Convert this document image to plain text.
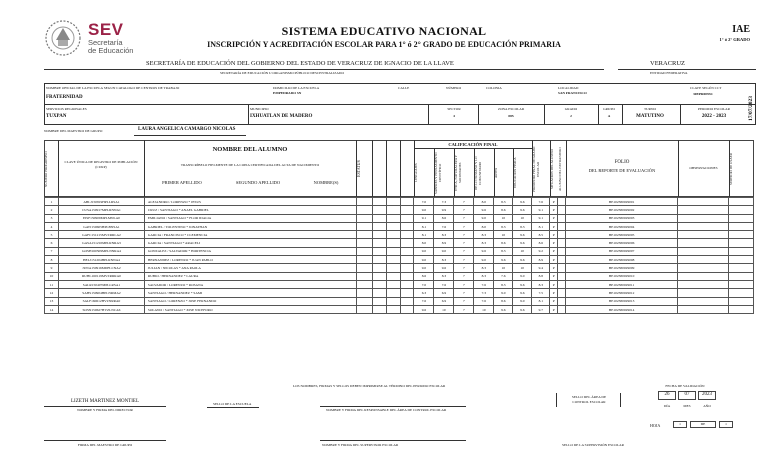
SEV
Secretaría
de Educación
SISTEMA EDUCATIVO NACIONAL
INSCRIPCIÓN Y ACREDITACIÓN ESCOLAR PARA 1° ó 2° GRADO DE EDUCACIÓN PRIMARIA
IAE
1° ó 2° GRADO
SECRETARÍA DE EDUCACIÓN DEL GOBIERNO DEL ESTADO DE VERACRUZ DE IGNACIO DE LA LLAVE
SECRETARÍA DE EDUCACIÓN U ORGANISMO PÚBLICO DESCENTRALIZADO
VERACRUZ
ENTIDAD FEDERATIVA
NOMBRE OFICIAL DE LA ESCUELA SEGUN CATALOGO DE CENTROS DE TRABAJO
FRATERNIDAD
DOMICILIO DE LA ESCUELA
EMPEDRADO SN
CALLE	NÚMERO	COLONIA	LOCALIDAD
SAN FRANCISCO
CLAVE SEGÚN CCT
30EPR0093C
SERVICIOS REGIONALES
TUXPAN
MUNICIPIO
IXHUATLAN DE MADERO
SECTOR
4
ZONA ESCOLAR
085
GRADO
2
GRUPO
A
TURNO
MATUTINO
PERIODO ESCOLAR
2022 - 2023	17/07/2023
NOMBRE DEL MAESTRO DE GRUPO	LAURA ANGELICA CAMARGO NICOLAS
NÚMERO PROGRESIVO	CLAVE ÚNICA DE REGISTRO DE POBLACIÓN (CURP)
NOMBRE DEL ALUMNO
TRANSCRÍBELO FIELMENTE DE LA COPIA CERTIFICADA DEL ACTA DE NACIMIENTO
PRIMER APELLIDO	SEGUNDO APELLIDO	NOMBRE(S)
ESTATUS
CALIFICACIÓN FINAL
LENGUAJES	SABERES Y PENSAMIENTO CIENTÍFICO	ÉTICA, NATURALEZA Y SOCIEDADES	DE LO HUMANO Y LO COMUNITARIO	ARTES	EDUCACIÓN FÍSICA	PROMEDIO FINAL DE GRADO ESCOLAR	SITUACIÓN DEL ALUMNO	ALUMNO DEL EXTRANJERO	FOLIO
DEL REPORTE DE EVALUACIÓN	OBSERVACIONES	SERVICIO DE USAER
1	ABLJ150819HPLLRSA1	ALEJANDRO / LORENZO * JESUS					7.0	7.3	7	8.0	8.3	9.6	7.6	P		BE102380029001		
2	CUSA150917MPLRNNA1	CRUZ / SANTIAGO * ANAEL GABRIEL					9.0	9.9	7	9.6	8.6	9.6	9.1	P		BE102380029002		
3	EISF150909MPLMNLA0	EMILIANO / SANTIAGO * FLOR IDALIA					9.1	8.6	7	9.0	10	10	9.1	P		BE102380029003		
4	GATJ150605HPLBNSA1	GABRIEL / TOLENTINO * JONATHAN					8.1	7.6	7	8.0	8.3	8.3	8.1	P		BE102380029004		
5	GAFC151215MVZRRLA2	GARCIA / FRANCISCO * CLEMENCIA					8.1	8.3	7	8.3	10	9.6	8.5	P		BE102380029005		
6	GASA151210MPLRNRA3	GARCIA / SANTIAGO * ARACELI					8.0	8.9	7	8.3	8.6	9.6	8.6	P		BE102380029006		
7	GOSH160509MPLNNRA4	GONZALEZ / SALVADOR * HORTENCIA					9.0	9.0	7	9.6	8.3	10	9.2	P		BE102380029007		
8	HELJ151204HPLRNNA4	HERNANDEZ / LORENZO * JUAN PABLO					9.0	8.3	7	9.0	9.6	9.6	8.9	P		BE102380029008		
9	JUNA150916MDFLCNA2	JULIAN / NICOLAS * ANA PAOLA					9.0	9.6	7	8.3	10	10	9.4	P		BE102380029009		
10	RUHL160119MVZRRRA0	RUBIO / HERNANDEZ * LAURA					8.6	8.3	7	8.3	7.6	9.0	8.8	P		BE102380029010		
11	SALR150407MPLLRSA1	SALVADOR / LORENZO * ROSANA					7.0	7.6	7	7.6	8.3	9.6	8.3	P		BE102380029011		
12	SAHS150904HPLNRMA2	SANTIAGO / HERNANDEZ * SAMI					6.3	6.9	7	7.3	9.0	9.6	7.5	P		BE102380029012		
13	SALF160612HVZNRRA0	SANTIAGO / LORENZO * JOSE FERNANDO					7.6	6.9	7	7.6	8.6	9.0	8.1	P		BE102380029013		
14	SOSN150627HVZLNCA6	SOLANO / SANTIAGO * JOSE NICEFORO					9.6	10	7	10	9.6	9.6	9.7	P		BE102380029014		
LOS NOMBRES, FIRMAS Y SELLOS DEBEN IMPRIMIRSE AL TÉRMINO DEL PERIODO ESCOLAR
LIZETH MARTINEZ MONTIEL
NOMBRE Y FIRMA DEL DIRECTOR
SELLO DE LA ESCUELA
NOMBRE Y FIRMA DEL RESPONSABLE DEL ÁREA DE CONTROL ESCOLAR
SELLO DEL ÁREA DE CONTROL ESCOLAR
FECHA DE VALIDACIÓN
26	07	2023
DÍA	MES	AÑO
HOJA	1	DE	1
FIRMA DEL MAESTRO DE GRUPO	NOMBRE Y FIRMA DEL SUPERVISOR ESCOLAR	SELLO DE LA SUPERVISIÓN ESCOLAR
